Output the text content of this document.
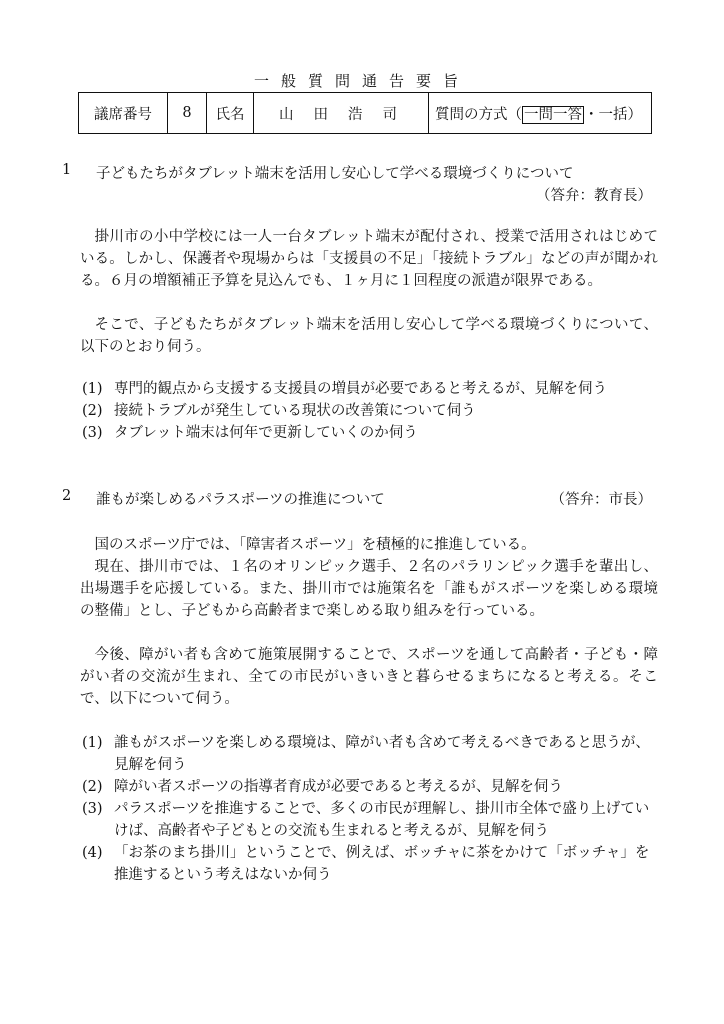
一般質問通告要旨
議席番号	8	氏名	山田浩司	質問の方式（ 一問一答 ・一括）
1	子どもたちがタブレット端末を活用し安心して学べる環境づくりについて
（答弁：教育長）

掛川市の小中学校には一人一台タブレット端末が配付され、授業で活用されはじめている。しかし、保護者や現場からは「支援員の不足」「接続トラブル」などの声が聞かれる。６月の増額補正予算を見込んでも、１ヶ月に１回程度の派遣が限界である。

そこで、子どもたちがタブレット端末を活用し安心して学べる環境づくりについて、以下のとおり伺う。

(1) 専門的観点から支援する支援員の増員が必要であると考えるが、見解を伺う
(2) 接続トラブルが発生している現状の改善策について伺う
(3) タブレット端末は何年で更新していくのか伺う
2	誰もが楽しめるパラスポーツの推進について	（答弁：市長）

国のスポーツ庁では、「障害者スポーツ」を積極的に推進している。

現在、掛川市では、１名のオリンピック選手、２名のパラリンピック選手を輩出し、出場選手を応援している。また、掛川市では施策名を「誰もがスポーツを楽しめる環境の整備」とし、子どもから高齢者まで楽しめる取り組みを行っている。

今後、障がい者も含めて施策展開することで、スポーツを通して高齢者・子ども・障がい者の交流が生まれ、全ての市民がいきいきと暮らせるまちになると考える。そこで、以下について伺う。

(1) 誰もがスポーツを楽しめる環境は、障がい者も含めて考えるべきであると思うが、見解を伺う
(2) 障がい者スポーツの指導者育成が必要であると考えるが、見解を伺う
(3) パラスポーツを推進することで、多くの市民が理解し、掛川市全体で盛り上げていけば、高齢者や子どもとの交流も生まれると考えるが、見解を伺う
(4) 「お茶のまち掛川」ということで、例えば、ボッチャに茶をかけて「ボッチャ」を推進するという考えはないか伺う
